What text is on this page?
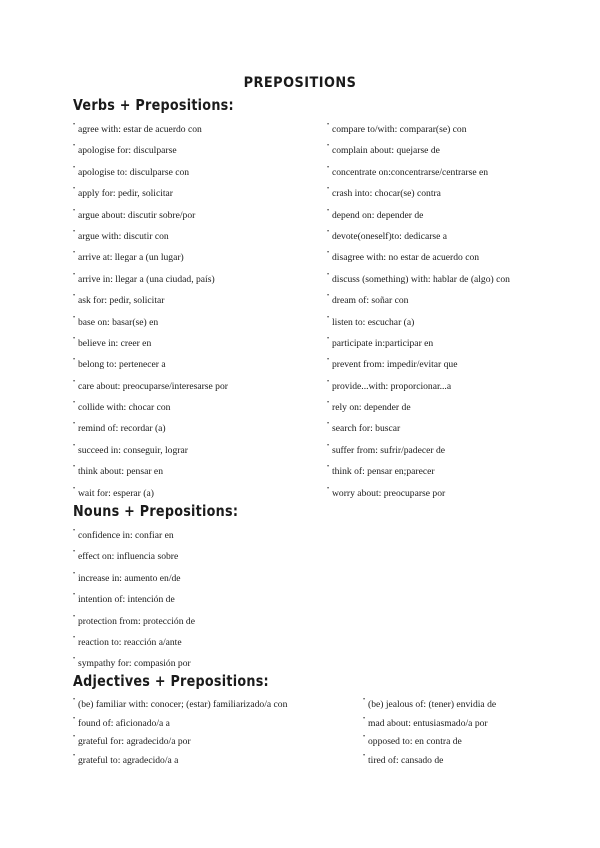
PREPOSITIONS
Verbs + Prepositions:
• agree with: estar de acuerdo con
• apologise for: disculparse
• apologise to: disculparse con
• apply for: pedir, solicitar
• argue about: discutir sobre/por
• argue with: discutir con
• arrive at: llegar a (un lugar)
• arrive in: llegar a (una ciudad, país)
• ask for: pedir, solicitar
• base on: basar(se) en
• believe in: creer en
• belong to: pertenecer a
• care about: preocuparse/interesarse por
• collide with: chocar con
• remind of: recordar (a)
• succeed in: conseguir, lograr
• think about: pensar en
• wait for: esperar (a)
• compare to/with: comparar(se) con
• complain about: quejarse de
• concentrate on:concentrarse/centrarse en
• crash into: chocar(se) contra
• depend on: depender de
• devote(oneself)to: dedicarse a
• disagree with: no estar de acuerdo con
• discuss (something) with: hablar de (algo) con
• dream of: soñar con
• listen to: escuchar (a)
• participate in:participar en
• prevent from: impedir/evitar que
• provide...with: proporcionar...a
• rely on: depender de
• search for: buscar
• suffer from: sufrir/padecer de
• think of: pensar en;parecer
• worry about: preocuparse por
Nouns + Prepositions:
• confidence in: confiar en
• effect on: influencia sobre
• increase in: aumento en/de
• intention of: intención de
• protection from: protección de
• reaction to: reacción a/ante
• sympathy for: compasión por
Adjectives + Prepositions:
• (be) familiar with: conocer; (estar) familiarizado/a con
• found of: aficionado/a a
• grateful for: agradecido/a por
• grateful to: agradecido/a a
• (be) jealous of: (tener) envidia de
• mad about: entusiasmado/a por
• opposed to: en contra de
• tired of: cansado de
